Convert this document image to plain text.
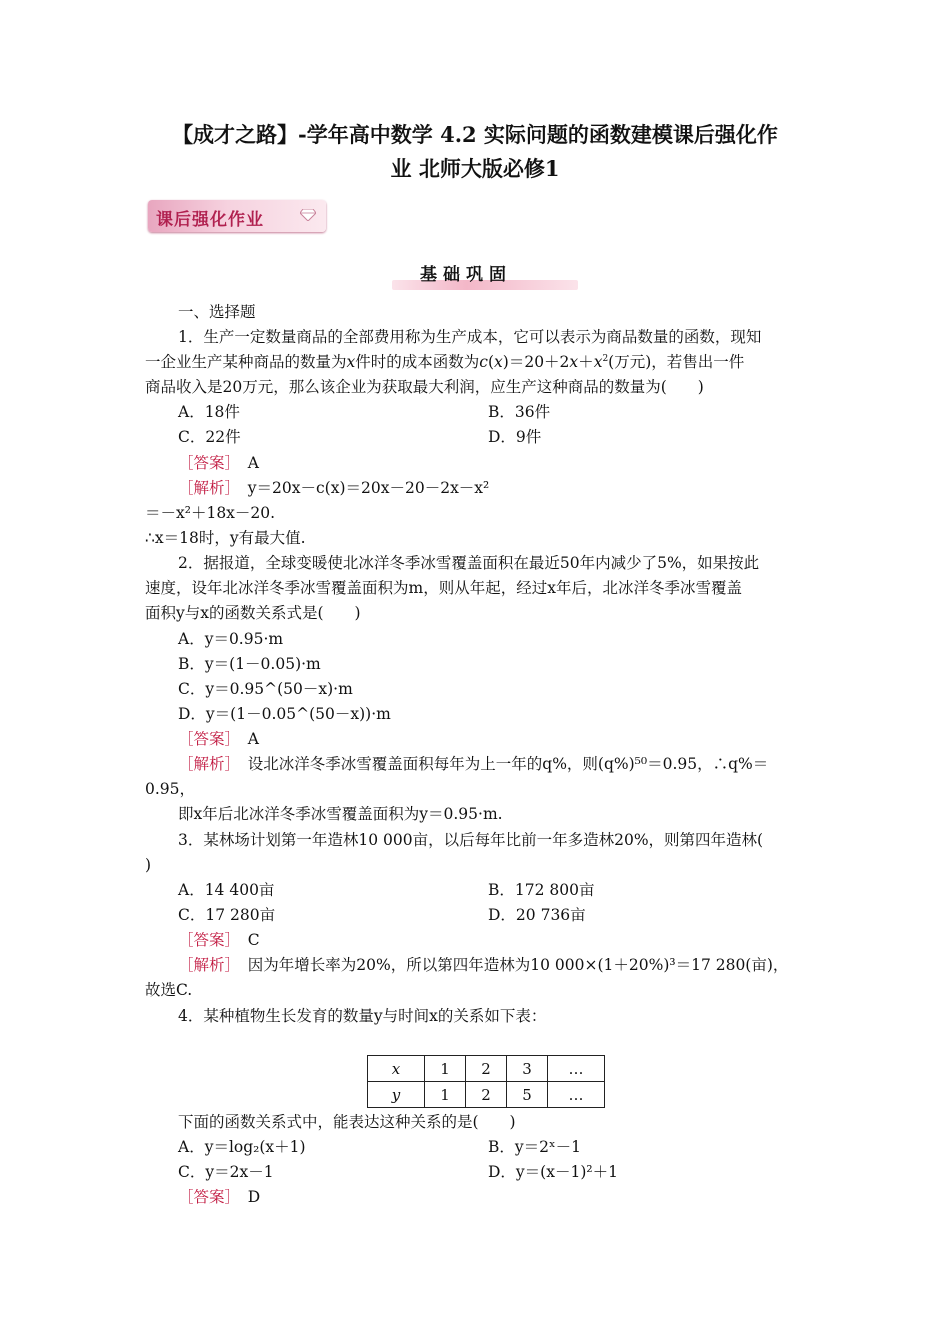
【成才之路】-学年高中数学 4.2 实际问题的函数建模课后强化作
业 北师大版必修1
课后强化作业
基础巩固
一、选择题
1．生产一定数量商品的全部费用称为生产成本，它可以表示为商品数量的函数，现知
一企业生产某种商品的数量为x件时的成本函数为$c(x)=20+2x+x^2$(万元)，若售出一件
商品收入是20万元，那么该企业为获取最大利润，应生产这种商品的数量为(　　)
A．18件	B．36件
C．22件	D．9件
［答案］　 A
［解析］　 y＝20x－c(x)＝20x－20－2x－x²
＝－x²＋18x－20.
∴x＝18时，y有最大值.
2．据报道，全球变暖使北冰洋冬季冰雪覆盖面积在最近50年内减少了5%，如果按此
速度，设年北冰洋冬季冰雪覆盖面积为m，则从年起，经过x年后，北冰洋冬季冰雪覆盖
面积y与x的函数关系式是(　　)
A．y＝0.95·m
B．y＝(1－0.05)·m
C．y＝0.95^(50－x)·m
D．y＝(1－0.05^(50－x))·m
［答案］　 A
［解析］　 设北冰洋冬季冰雪覆盖面积每年为上一年的q%，则(q%)⁵⁰＝0.95，∴q%＝
0.95，
即x年后北冰洋冬季冰雪覆盖面积为y＝0.95·m.
3．某林场计划第一年造林10 000亩，以后每年比前一年多造林20%，则第四年造林(
)
A．14 400亩	B．172 800亩
C．17 280亩	D．20 736亩
［答案］　 C
［解析］　 因为年增长率为20%，所以第四年造林为10 000×(1＋20%)³＝17 280(亩)，
故选C.
4．某种植物生长发育的数量y与时间x的关系如下表：
x	1	2	3	…
y	1	2	5	…
下面的函数关系式中，能表达这种关系的是(　　)
A．y＝log₂(x＋1)	B．y＝2ˣ－1
C．y＝2x－1	D．y＝(x－1)²＋1
［答案］　 D
